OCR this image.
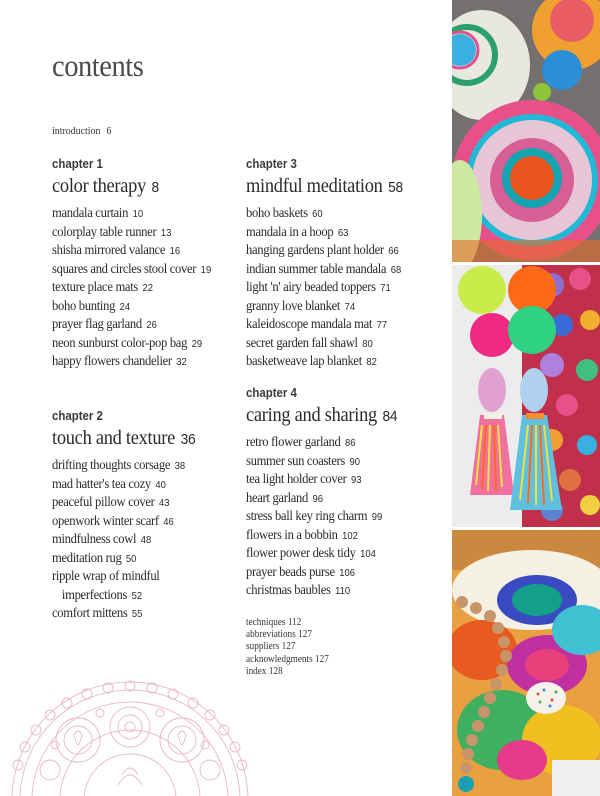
contents
introduction 6
chapter 1
color therapy 8
mandala curtain 10
colorplay table runner 13
shisha mirrored valance 16
squares and circles stool cover 19
texture place mats 22
boho bunting 24
prayer flag garland 26
neon sunburst color-pop bag 29
happy flowers chandelier 32
chapter 2
touch and texture 36
drifting thoughts corsage 38
mad hatter's tea cozy 40
peaceful pillow cover 43
openwork winter scarf 46
mindfulness cowl 48
meditation rug 50
ripple wrap of mindful
imperfections 52
comfort mittens 55
chapter 3
mindful meditation 58
boho baskets 60
mandala in a hoop 63
hanging gardens plant holder 66
indian summer table mandala 68
light 'n' airy beaded toppers 71
granny love blanket 74
kaleidoscope mandala mat 77
secret garden fall shawl 80
basketweave lap blanket 82
chapter 4
caring and sharing 84
retro flower garland 86
summer sun coasters 90
tea light holder cover 93
heart garland 96
stress ball key ring charm 99
flowers in a bobbin 102
flower power desk tidy 104
prayer beads purse 106
christmas baubles 110
techniques 112
abbreviations 127
suppliers 127
acknowledgments 127
index 128
